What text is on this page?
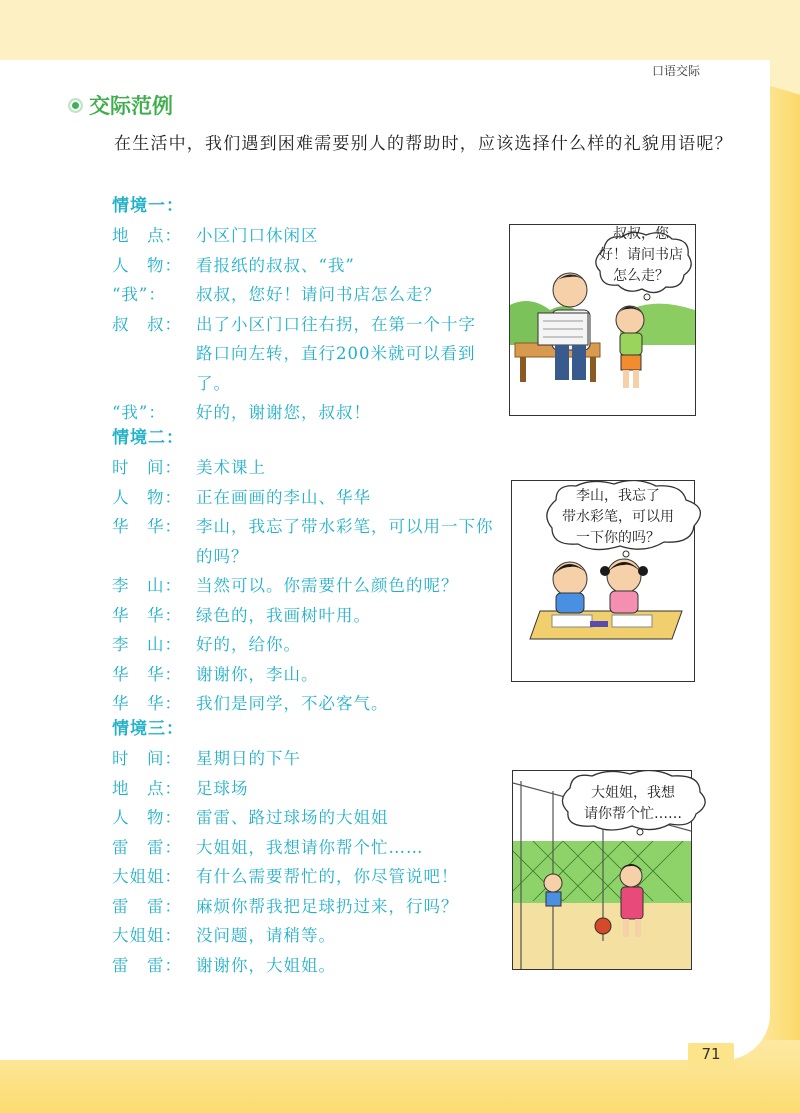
口语交际
交际范例
在生活中，我们遇到困难需要别人的帮助时，应该选择什么样的礼貌用语呢？
情境一：
地　点： 小区门口休闲区
人　物： 看报纸的叔叔、“我”
“我”：	叔叔，您好！请问书店怎么走？
叔　叔： 出了小区门口往右拐，在第一个十字路口向左转，直行200米就可以看到了。
“我”：	好的，谢谢您，叔叔！
情境二：
时　间： 美术课上
人　物： 正在画画的李山、华华
华　华： 李山，我忘了带水彩笔，可以用一下你的吗？
李　山： 当然可以。你需要什么颜色的呢？
华　华： 绿色的，我画树叶用。
李　山： 好的，给你。
华　华： 谢谢你，李山。
华　华： 我们是同学，不必客气。
情境三：
时　间： 星期日的下午
地　点： 足球场
人　物： 雷雷、路过球场的大姐姐
雷　雷： 大姐姐，我想请你帮个忙……
大姐姐： 有什么需要帮忙的，你尽管说吧！
雷　雷： 麻烦你帮我把足球扔过来，行吗？
大姐姐： 没问题，请稍等。
雷　雷： 谢谢你，大姐姐。
叔叔，您
好！请问书店
怎么走？
李山，我忘了
带水彩笔，可以用
一下你的吗？
大姐姐，我想
请你帮个忙……
71
